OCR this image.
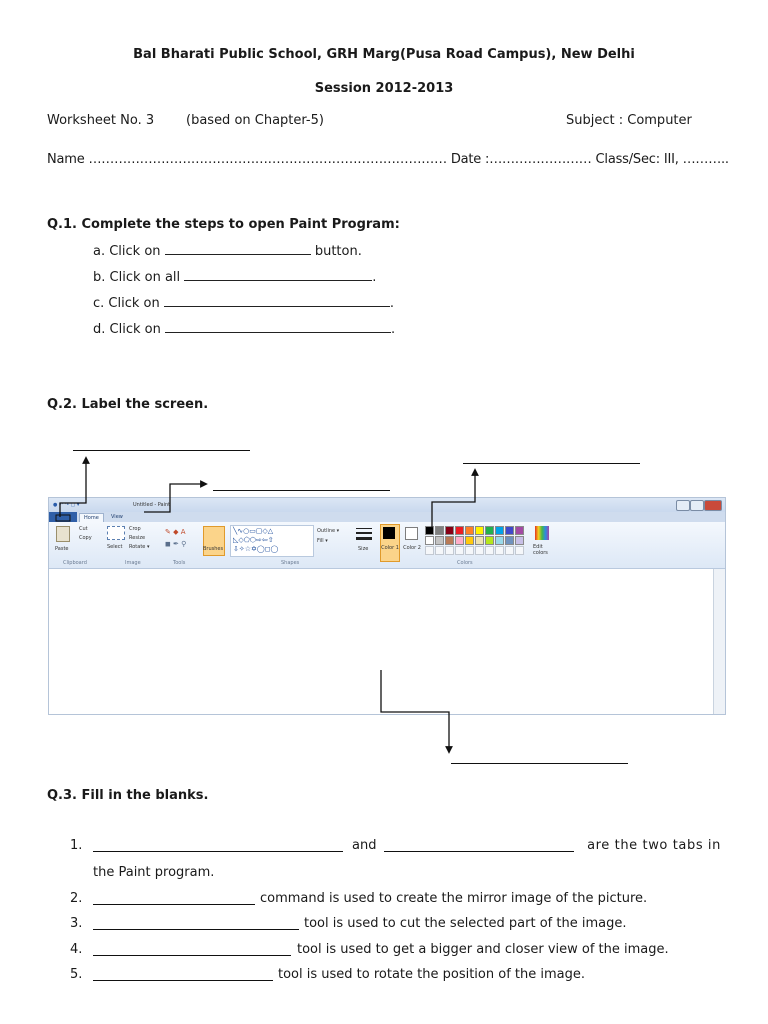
Bal Bharati Public School, GRH Marg(Pusa Road Campus), New Delhi
Session 2012-2013
Worksheet No. 3 (based on Chapter-5)	Subject : Computer
Name ………………………………………………………………………… Date :…………………… Class/Sec: III, ………..
Q.1. Complete the steps to open Paint Program:
a. Click on	button.
b. Click on all	.
c. Click on	.
d. Click on	.
Q.2. Label the screen.
● ↶ ↷ ▢ ▾	Untitled - Paint
Home	View
Paste
Cut
Copy
Clipboard
Select
Crop
Resize
Rotate ▾
Image
✎ ◆ A
◼ ✒ ⚲
Tools
Brushes
╲∿○▭▢◇△
◺◇⬠⬡⇨⇦⇧
⇩✧☆✡◯◻◯
Outline ▾
Fill ▾
Shapes
Size	Color 1 Color 2	Edit colors
Colors
Q.3. Fill in the blanks.
1.	and	are the two tabs in
the Paint program.
2.	command is used to create the mirror image of the picture.
3.	tool is used to cut the selected part of the image.
4.	tool is used to get a bigger and closer view of the image.
5.	tool is used to rotate the position of the image.
